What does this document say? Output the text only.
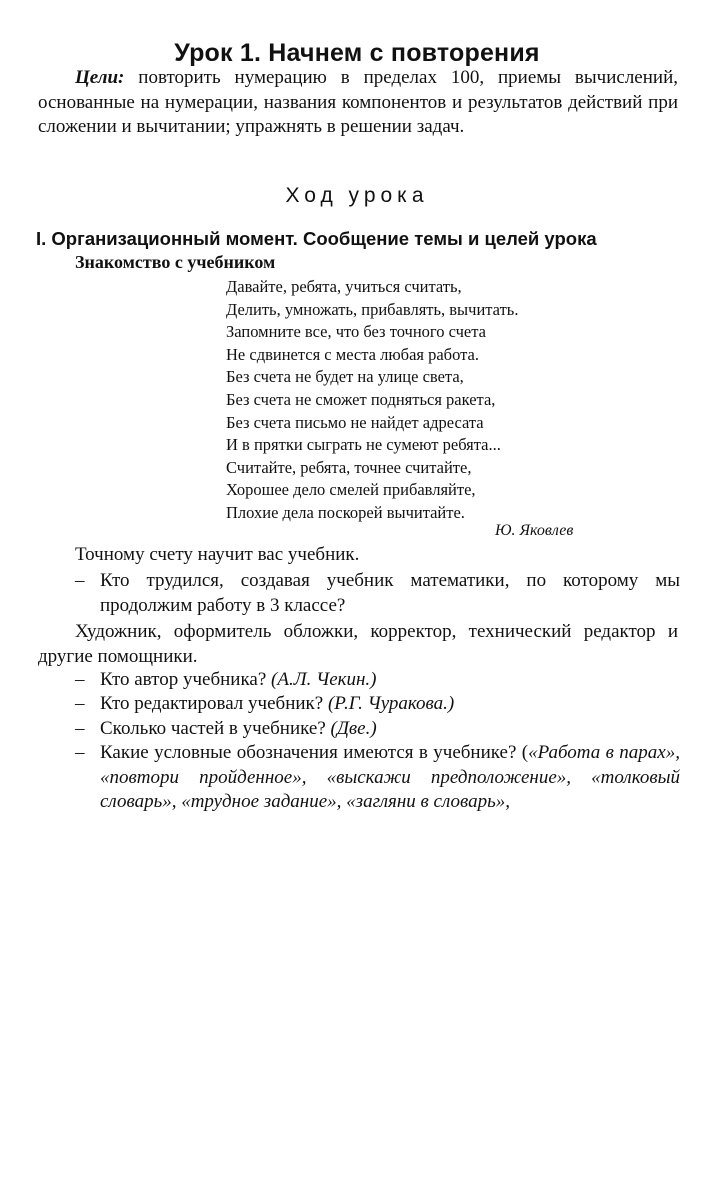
Урок 1. Начнем с повторения

Цели: повторить нумерацию в пределах 100, приемы вычислений, основанные на нумерации, названия компонентов и результатов действий при сложении и вычитании; упражнять в решении задач.

Ход урока
I. Организационный момент. Сообщение темы и целей урока
Знакомство с учебником
Давайте, ребята, учиться считать,
Делить, умножать, прибавлять, вычитать.
Запомните все, что без точного счета
Не сдвинется с места любая работа.
Без счета не будет на улице света,
Без счета не сможет подняться ракета,
Без счета письмо не найдет адресата
И в прятки сыграть не сумеют ребята...
Считайте, ребята, точнее считайте,
Хорошее дело смелей прибавляйте,
Плохие дела поскорей вычитайте.
Ю. Яковлев

Точному счету научит вас учебник.

– Кто трудился, создавая учебник математики, по которому мы продолжим работу в 3 классе?

Художник, оформитель обложки, корректор, технический редактор и другие помощники.

– Кто автор учебника? (А.Л. Чекин.)
– Кто редактировал учебник? (Р.Г. Чуракова.)
– Сколько частей в учебнике? (Две.)
– Какие условные обозначения имеются в учебнике? («Работа в парах», «повтори пройденное», «выскажи предположение», «толковый словарь», «трудное задание», «загляни в словарь»,
